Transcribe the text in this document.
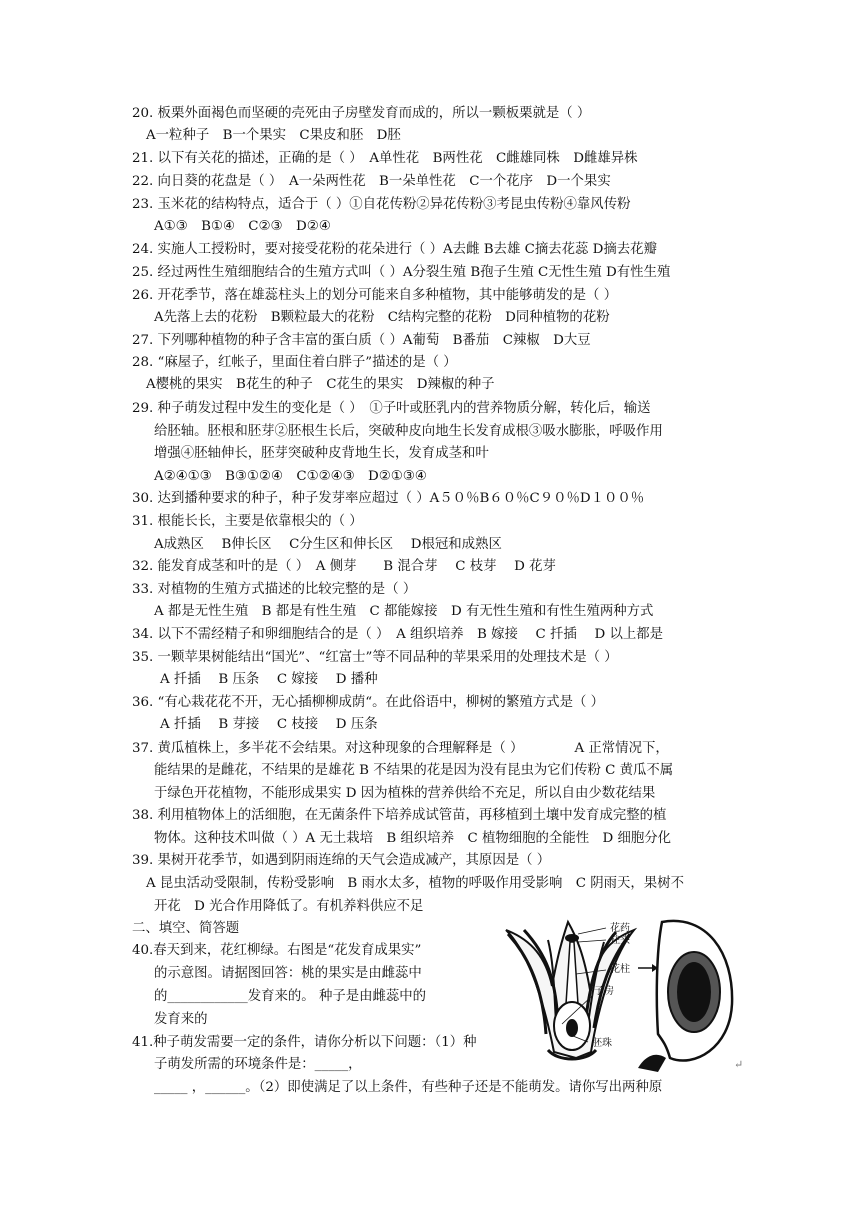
20. 板栗外面褐色而坚硬的壳死由子房壁发育而成的，所以一颗板栗就是（ ）
A一粒种子　B一个果实　C果皮和胚　D胚
21. 以下有关花的描述，正确的是（ ）　A单性花　B两性花　C雌雄同株　D雌雄异株
22. 向日葵的花盘是（ ）　A一朵两性花　B一朵单性花　C一个花序　D一个果实
23. 玉米花的结构特点，适合于（ ）①自花传粉②异花传粉③考昆虫传粉④靠风传粉
A①③　B①④　C②③　D②④
24. 实施人工授粉时，要对接受花粉的花朵进行（ ）A去雌 B去雄 C摘去花蕊 D摘去花瓣
25. 经过两性生殖细胞结合的生殖方式叫（ ）A分裂生殖 B孢子生殖 C无性生殖 D有性生殖
26. 开花季节，落在雄蕊柱头上的划分可能来自多种植物，其中能够萌发的是（ ）
A先落上去的花粉　B颗粒最大的花粉　C结构完整的花粉　D同种植物的花粉
27. 下列哪种植物的种子含丰富的蛋白质（ ）A葡萄　B番茄　C辣椒　D大豆
28. “麻屋子，红帐子，里面住着白胖子”描述的是（ ）
A樱桃的果实　B花生的种子　C花生的果实　D辣椒的种子
29. 种子萌发过程中发生的变化是（ ）　①子叶或胚乳内的营养物质分解，转化后，输送
给胚轴。胚根和胚芽②胚根生长后，突破种皮向地生长发育成根③吸水膨胀，呼吸作用
增强④胚轴伸长，胚芽突破种皮背地生长，发育成茎和叶
A②④①③　B③①②④　C①②④③　D②①③④
30. 达到播种要求的种子，种子发芽率应超过（ ）A５０％B６０％C９０％D１００％
31. 根能长长，主要是依靠根尖的（ ）
A成熟区　 B伸长区　 C分生区和伸长区　 D根冠和成熟区
32. 能发育成茎和叶的是（ ）　A 侧芽　　B 混合芽　 C 枝芽　 D 花芽
33. 对植物的生殖方式描述的比较完整的是（ ）
A 都是无性生殖　B 都是有性生殖　C 都能嫁接　D 有无性生殖和有性生殖两种方式
34. 以下不需经精子和卵细胞结合的是（ ）　A 组织培养　B 嫁接　 C 扦插　 D 以上都是
35. 一颗苹果树能结出“国光”、“红富士”等不同品种的苹果采用的处理技术是（ ）
A 扦插　 B 压条　 C 嫁接　 D 播种
36. “有心栽花花不开，无心插柳柳成荫“。在此俗语中，柳树的繁殖方式是（ ）
A 扦插　 B 芽接　 C 枝接　 D 压条
37. 黄瓜植株上，多半花不会结果。对这种现象的合理解释是（ ）　　　　 A 正常情况下，
能结果的是雌花，不结果的是雄花 B 不结果的花是因为没有昆虫为它们传粉 C 黄瓜不属
于绿色开花植物，不能形成果实 D 因为植株的营养供给不充足，所以自由少数花结果
38. 利用植物体上的活细胞，在无菌条件下培养成试管苗，再移植到土壤中发育成完整的植
物体。这种技术叫做（ ）A 无土栽培　B 组织培养　C 植物细胞的全能性　D 细胞分化
39. 果树开花季节，如遇到阴雨连绵的天气会造成减产，其原因是（ ）
A 昆虫活动受限制，传粉受影响　B 雨水太多，植物的呼吸作用受影响　C 阴雨天，果树不
开花　D 光合作用降低了。有机养料供应不足
二、填空、简答题
40.春天到来，花红柳绿。右图是“花发育成果实”
的示意图。请据图回答：桃的果实是由雌蕊中
的____________发育来的。 种子是由雌蕊中的
发育来的
41.种子萌发需要一定的条件，请你分析以下问题：（1）种
子萌发所需的环境条件是：_____，
_____ ，______。（2）即使满足了以上条件，有些种子还是不能萌发。请你写出两种原
花药
柱头
花柱
子房
胚珠
↵
